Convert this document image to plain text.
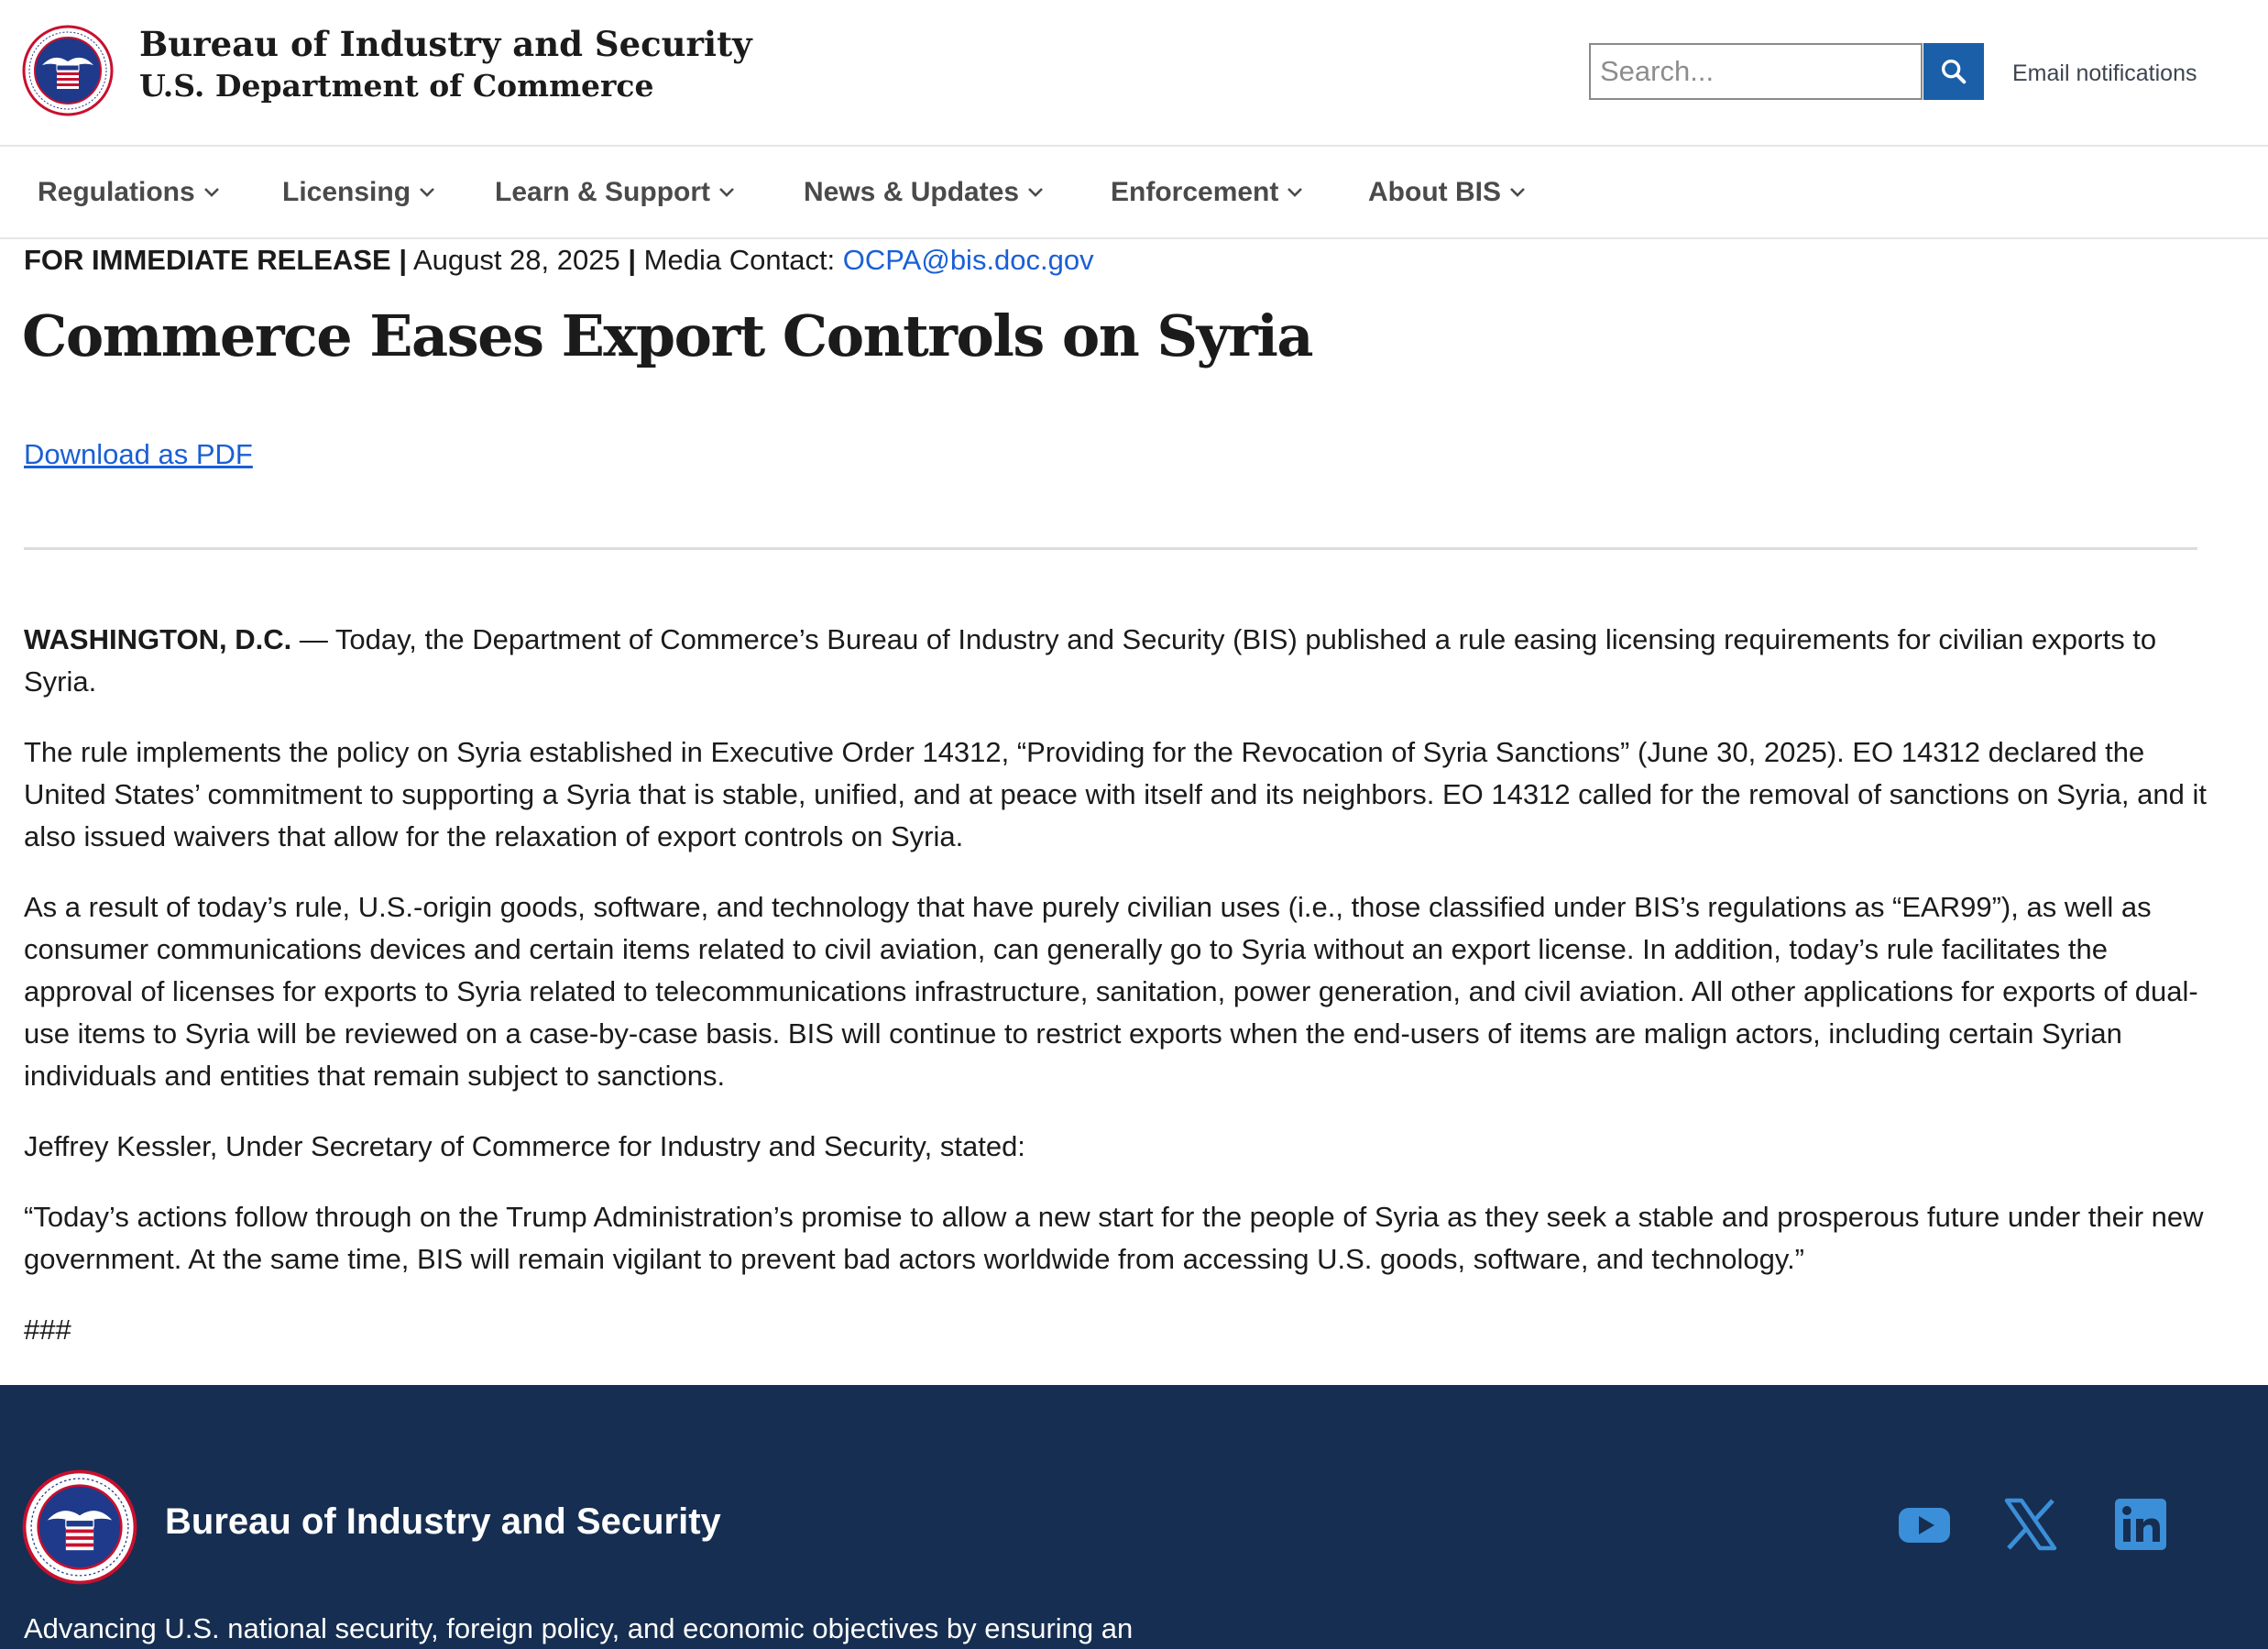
Bureau of Industry and Security
U.S. Department of Commerce
Search...	Email notifications
Regulations	Licensing	Learn & Support	News & Updates	Enforcement	About BIS
FOR IMMEDIATE RELEASE | August 28, 2025 | Media Contact: OCPA@bis.doc.gov
Commerce Eases Export Controls on Syria
Download as PDF

WASHINGTON, D.C. — Today, the Department of Commerce’s Bureau of Industry and Security (BIS) published a rule easing licensing requirements for civilian exports to Syria.

The rule implements the policy on Syria established in Executive Order 14312, “Providing for the Revocation of Syria Sanctions” (June 30, 2025). EO 14312 declared the United States’ commitment to supporting a Syria that is stable, unified, and at peace with itself and its neighbors. EO 14312 called for the removal of sanctions on Syria, and it also issued waivers that allow for the relaxation of export controls on Syria.

As a result of today’s rule, U.S.-origin goods, software, and technology that have purely civilian uses (i.e., those classified under BIS’s regulations as “EAR99”), as well as consumer communications devices and certain items related to civil aviation, can generally go to Syria without an export license. In addition, today’s rule facilitates the approval of licenses for exports to Syria related to telecommunications infrastructure, sanitation, power generation, and civil aviation. All other applications for exports of dual-use items to Syria will be reviewed on a case-by-case basis. BIS will continue to restrict exports when the end-users of items are malign actors, including certain Syrian individuals and entities that remain subject to sanctions.

Jeffrey Kessler, Under Secretary of Commerce for Industry and Security, stated:

“Today’s actions follow through on the Trump Administration’s promise to allow a new start for the people of Syria as they seek a stable and prosperous future under their new government. At the same time, BIS will remain vigilant to prevent bad actors worldwide from accessing U.S. goods, software, and technology.”

###

Bureau of Industry and Security
Advancing U.S. national security, foreign policy, and economic objectives by ensuring an
